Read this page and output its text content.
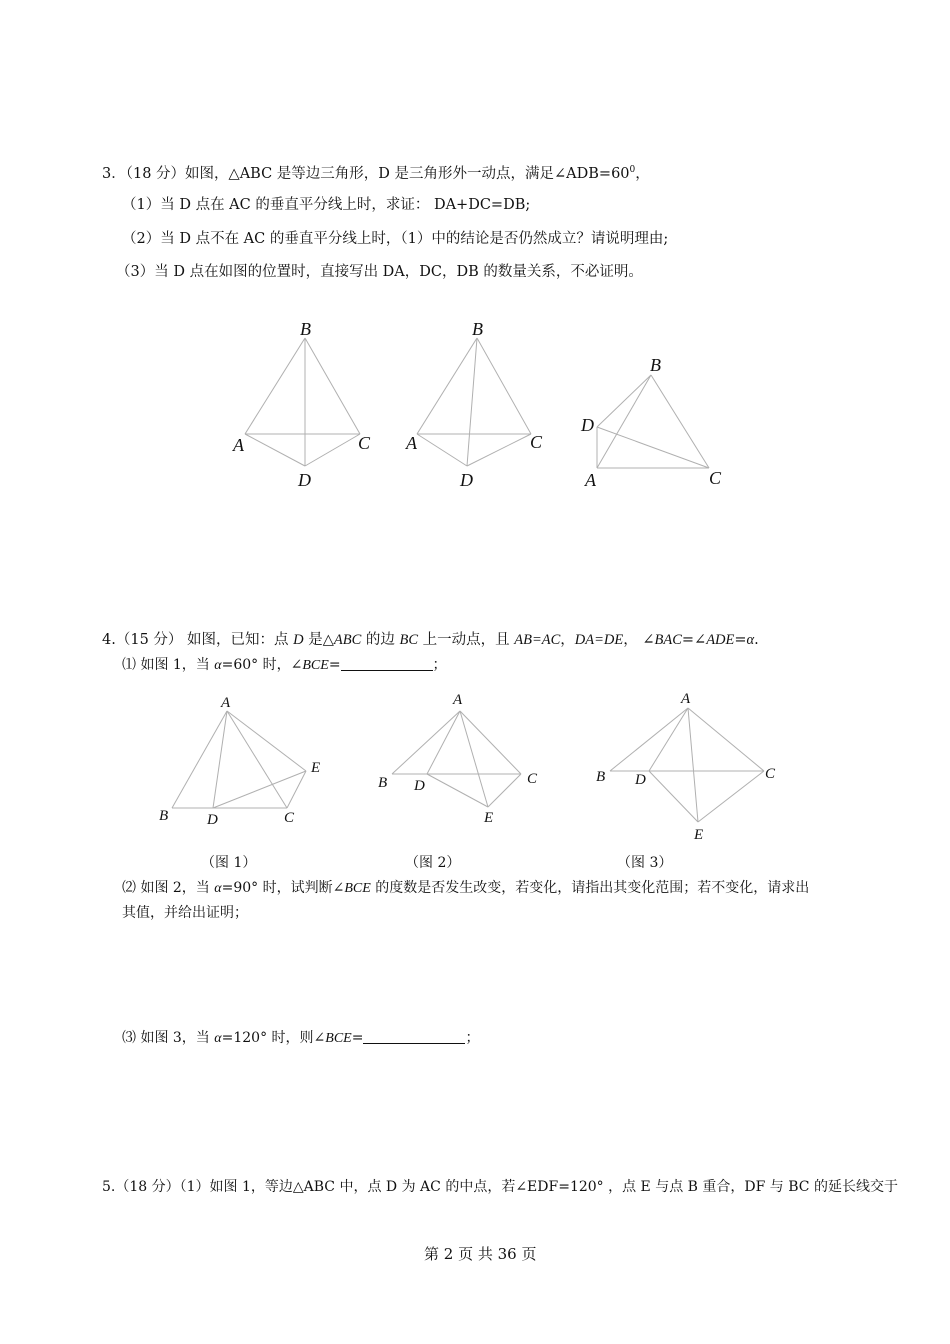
3．（18 分）如图，△ABC 是等边三角形，D 是三角形外一动点，满足$\angle ADB=60^0$，
（1）当 D 点在 AC 的垂直平分线上时，求证： DA+DC=DB;
（2）当 D 点不在 AC 的垂直平分线上时，（1）中的结论是否仍然成立？请说明理由;
（3）当 D 点在如图的位置时，直接写出 DA，DC，DB 的数量关系，不必证明。
B
A	C
D
B
A	C
D
B
D
A	C
A
E
B	D	C
A
B D	C
E
A
B D	C
E
4.（15 分） 如图，已知：点 D 是△ABC 的边 BC 上一动点，且 AB=AC，DA=DE， ∠BAC=∠ADE=α.
⑴ 如图 1，当 α=60° 时，∠BCE=	；
（图 1）	（图 2）	（图 3）
⑵ 如图 2，当 α=90° 时，试判断∠BCE 的度数是否发生改变，若变化，请指出其变化范围；若不变化，请求出
其值，并给出证明；
⑶ 如图 3，当 α=120° 时，则∠BCE=	；
5.（18 分）（1）如图 1，等边△ABC 中，点 D 为 AC 的中点，若∠EDF=120° ，点 E 与点 B 重合，DF 与 BC 的延长线交于
第 2 页 共 36 页
